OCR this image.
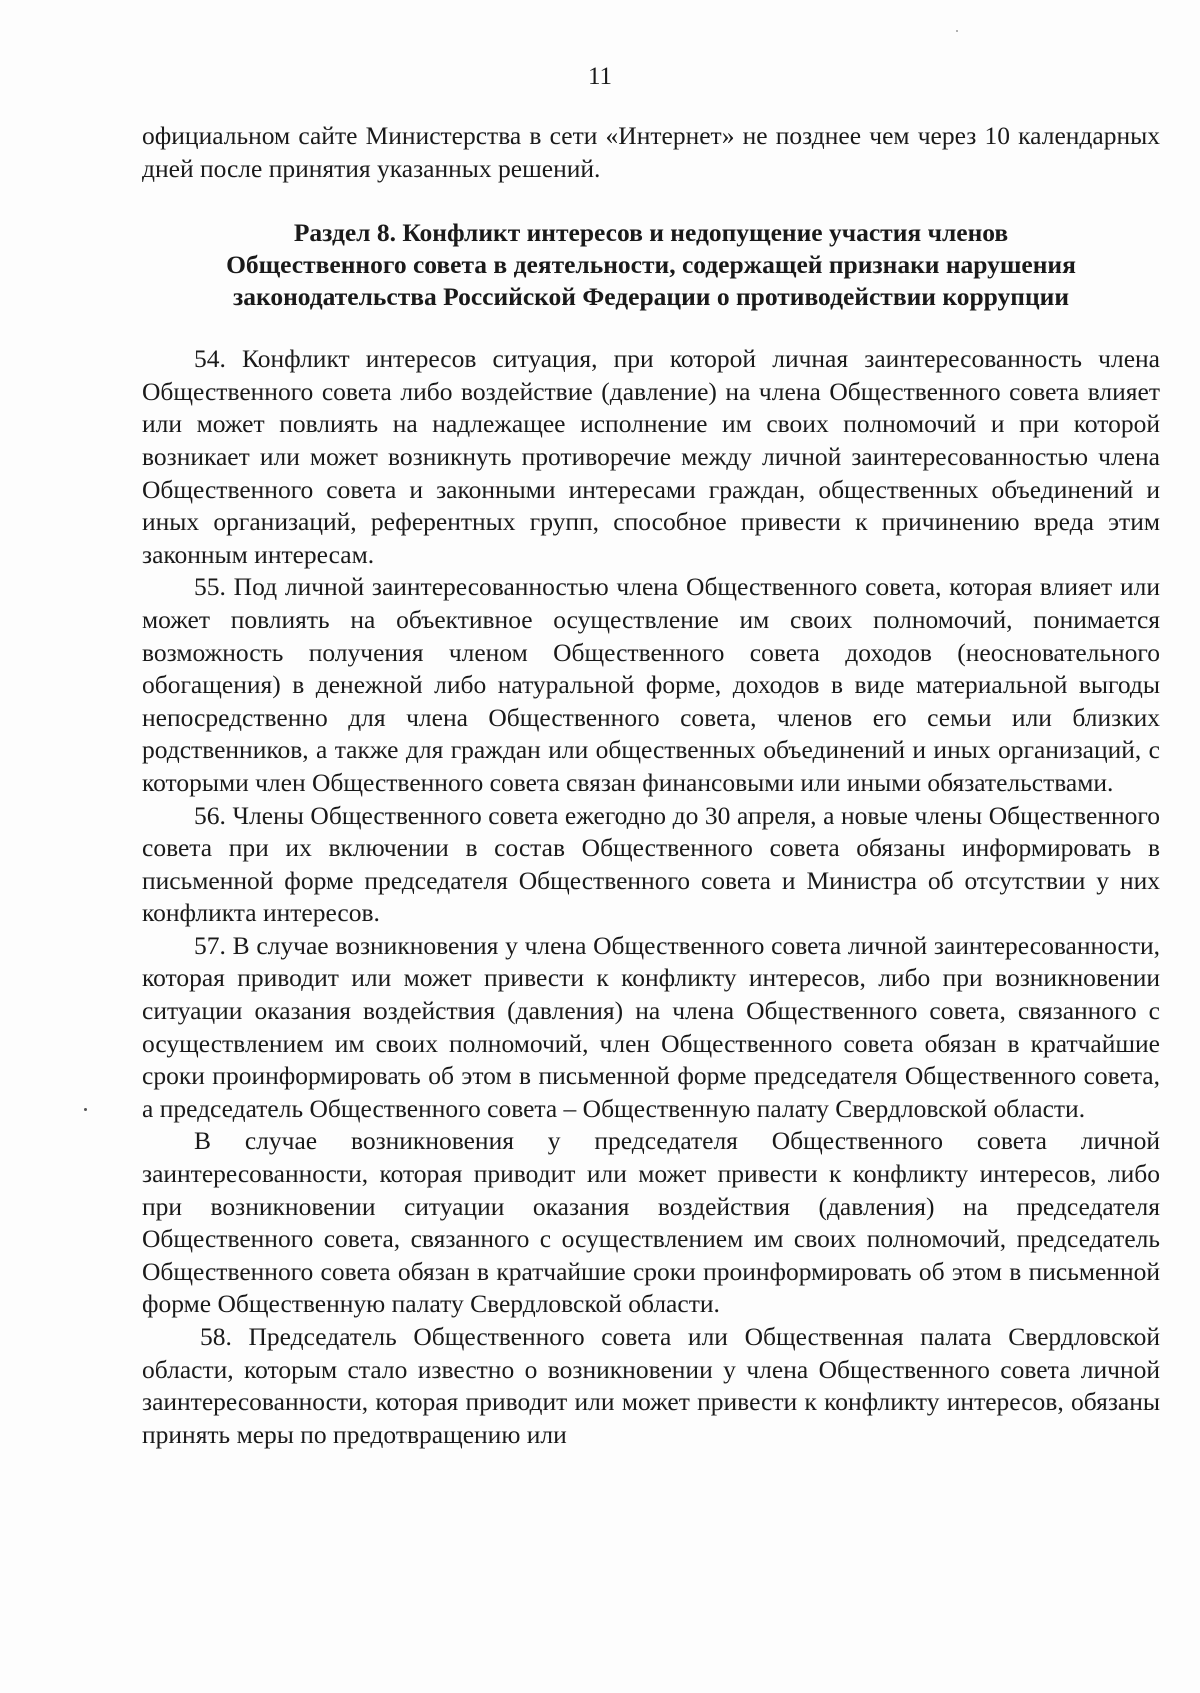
11

официальном сайте Министерства в сети «Интернет» не позднее чем через 10 календарных дней после принятия указанных решений.

Раздел 8. Конфликт интересов и недопущение участия членов
Общественного совета в деятельности, содержащей признаки нарушения
законодательства Российской Федерации о противодействии коррупции

54. Конфликт интересов ситуация, при которой личная заинтересованность члена Общественного совета либо воздействие (давление) на члена Общественного совета влияет или может повлиять на надлежащее исполнение им своих полномочий и при которой возникает или может возникнуть противоречие между личной заинтересованностью члена Общественного совета и законными интересами граждан, общественных объединений и иных организаций, референтных групп, способное привести к причинению вреда этим законным интересам.

55. Под личной заинтересованностью члена Общественного совета, которая влияет или может повлиять на объективное осуществление им своих полномочий, понимается возможность получения членом Общественного совета доходов (неосновательного обогащения) в денежной либо натуральной форме, доходов в виде материальной выгоды непосредственно для члена Общественного совета, членов его семьи или близких родственников, а также для граждан или общественных объединений и иных организаций, с которыми член Общественного совета связан финансовыми или иными обязательствами.

56. Члены Общественного совета ежегодно до 30 апреля, а новые члены Общественного совета при их включении в состав Общественного совета обязаны информировать в письменной форме председателя Общественного совета и Министра об отсутствии у них конфликта интересов.

57. В случае возникновения у члена Общественного совета личной заинтересованности, которая приводит или может привести к конфликту интересов, либо при возникновении ситуации оказания воздействия (давления) на члена Общественного совета, связанного с осуществлением им своих полномочий, член Общественного совета обязан в кратчайшие сроки проинформировать об этом в письменной форме председателя Общественного совета, а председатель Общественного совета – Общественную палату Свердловской области.

В случае возникновения у председателя Общественного совета личной заинтересованности, которая приводит или может привести к конфликту интересов, либо при возникновении ситуации оказания воздействия (давления) на председателя Общественного совета, связанного с осуществлением им своих полномочий, председатель Общественного совета обязан в кратчайшие сроки проинформировать об этом в письменной форме Общественную палату Свердловской области.

58. Председатель Общественного совета или Общественная палата Свердловской области, которым стало известно о возникновении у члена Общественного совета личной заинтересованности, которая приводит или может привести к конфликту интересов, обязаны принять меры по предотвращению или
